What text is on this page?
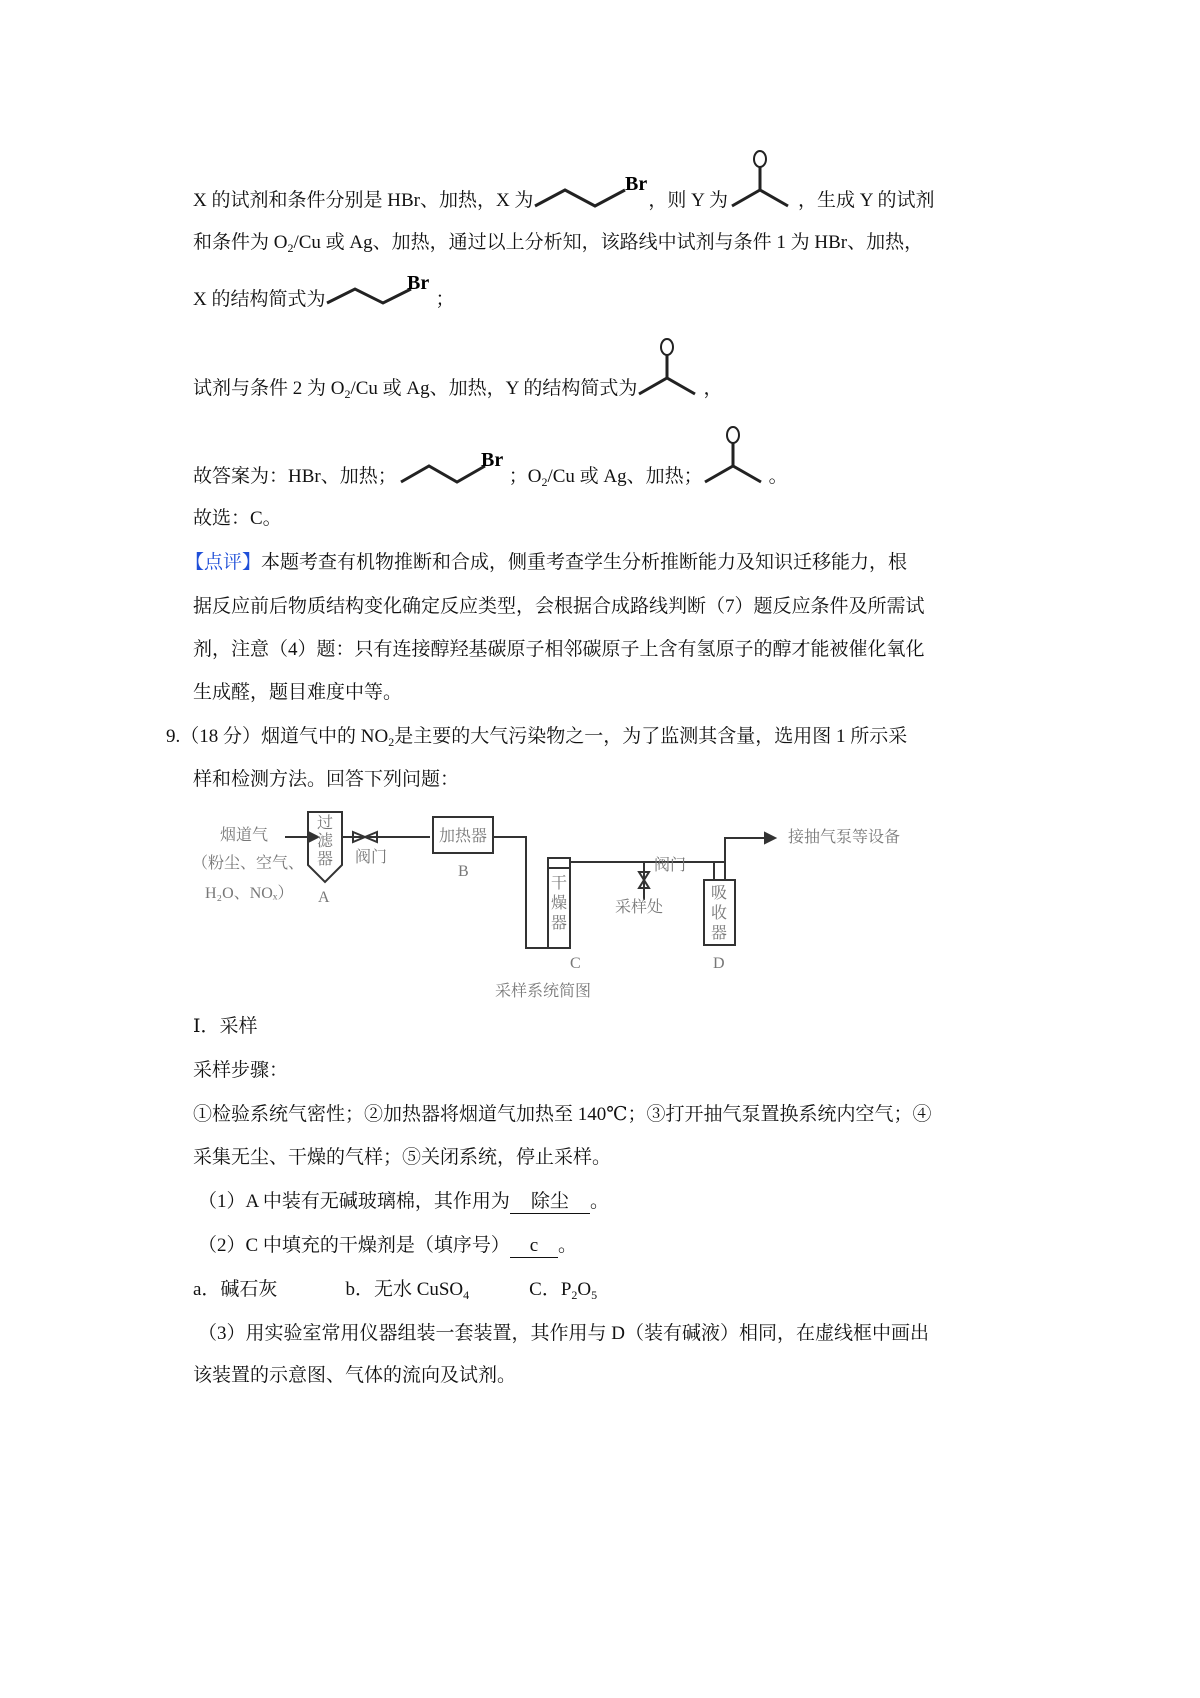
X 的试剂和条件分别是 HBr、加热，X 为
Br
，则 Y 为	，生成 Y 的试剂
和条件为 $O_2/Cu$ 或 Ag、加热，通过以上分析知，该路线中试剂与条件 1 为 HBr、加热，
X 的结构简式为
Br
；
试剂与条件 2 为 $O_2/Cu$ 或 Ag、加热，Y 的结构简式为	，
故答案为：HBr、加热；
Br
；$O_2/Cu$ 或 Ag、加热；	。
故选：C。
【点评】本题考查有机物推断和合成，侧重考查学生分析推断能力及知识迁移能力，根
据反应前后物质结构变化确定反应类型，会根据合成路线判断（7）题反应条件及所需试
剂，注意（4）题：只有连接醇羟基碳原子相邻碳原子上含有氢原子的醇才能被催化氧化
生成醛，题目难度中等。
9.（18 分）烟道气中的 $NO_2$是主要的大气污染物之一，为了监测其含量，选用图 1 所示采
样和检测方法。回答下列问题：
烟道气
（粉尘、空气、
H₂O、NOₓ）
过
滤
器
A
阀门
加热器
B
干
燥
器
C
阀门
采样处
吸
收
器
D
接抽气泵等设备
采样系统简图
Ⅰ．采样
采样步骤：
①检验系统气密性；②加热器将烟道气加热至 140℃；③打开抽气泵置换系统内空气；④
采集无尘、干燥的气样；⑤关闭系统，停止采样。
（1）A 中装有无碱玻璃棉，其作用为 除尘 。
（2）C 中填充的干燥剂是（填序号） c 。
a．碱石灰	b．无水 CuSO$_4$	C．$P_2O_5$
（3）用实验室常用仪器组装一套装置，其作用与 D（装有碱液）相同，在虚线框中画出
该装置的示意图、气体的流向及试剂。
